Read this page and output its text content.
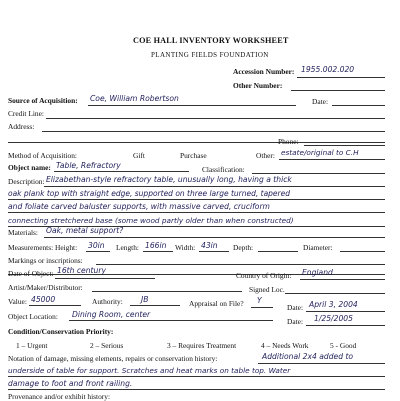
COE HALL INVENTORY WORKSHEET
PLANTING FIELDS FOUNDATION
Accession Number: 1955.002.020
Other Number:
Source of Acquisition: Coe, William Robertson	Date:
Credit Line:
Address:
Phone:
Method of Acquisition:	Gift	Purchase	Other: estate/original to C.H
Object name: Table, Refractory	Classification:
Description: Elizabethan-style refractory table, unusually long, having a thick
oak plank top with straight edge, supported on three large turned, tapered
and foliate carved baluster supports, with massive carved, cruciform
connecting stretchered base (some wood partly older than when constructed)
Materials: Oak, metal support?
Measurements: Height: 30in Length: 166in Width: 43in Depth:	Diameter:
Markings or inscriptions:
Date of Object: 16th century
Country of Origin: England
Artist/Maker/Distributor:	Signed Loc.
Value: 45000	Authority: JB	Appraisal on File? Y
Date: April 3, 2004
Object Location: Dining Room, center
Date: 1/25/2005
Condition/Conservation Priority:
1 – Urgent	2 – Serious	3 – Requires Treatment	4 – Needs Work	5 - Good
Notation of damage, missing elements, repairs or conservation history:	Additional 2x4 added to
underside of table for support. Scratches and heat marks on table top. Water
damage to foot and front railing.
Provenance and/or exhibit history:
